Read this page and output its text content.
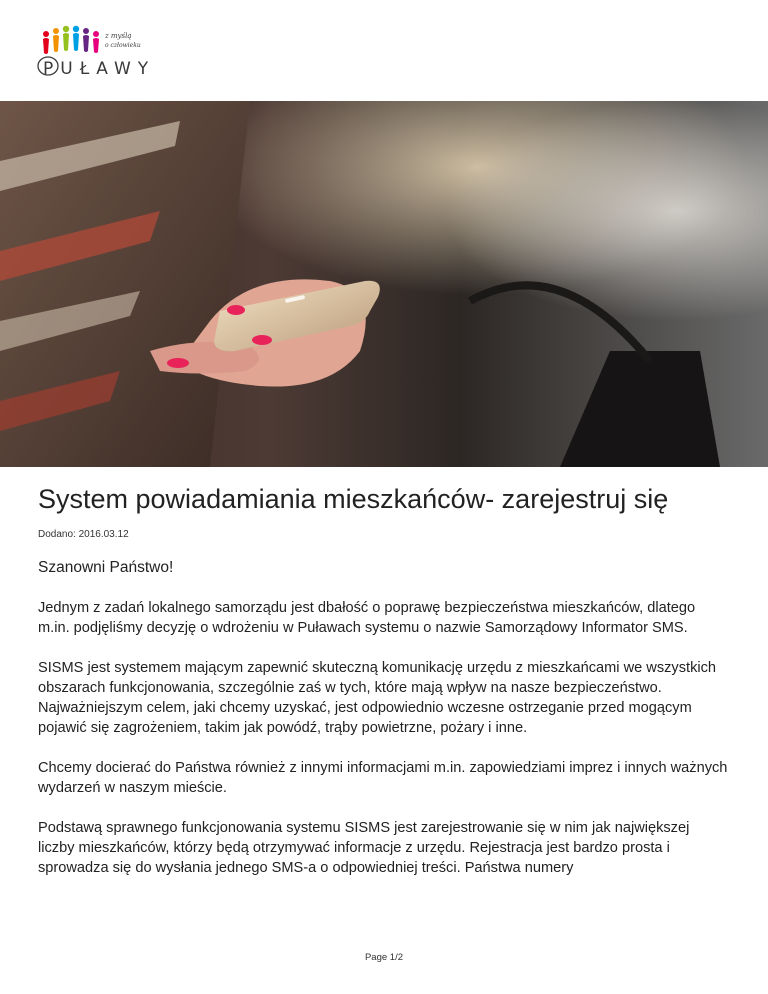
z myślą
o człowieku
PUŁAWY
System powiadamiania mieszkańców- zarejestruj się
Dodano: 2016.03.12

Szanowni Państwo!

Jednym z zadań lokalnego samorządu jest dbałość o poprawę bezpieczeństwa mieszkańców, dlatego m.in. podjęliśmy decyzję o wdrożeniu w Puławach systemu o nazwie Samorządowy Informator SMS.

SISMS jest systemem mającym zapewnić skuteczną komunikację urzędu z mieszkańcami we wszystkich obszarach funkcjonowania, szczególnie zaś w tych, które mają wpływ na nasze bezpieczeństwo. Najważniejszym celem, jaki chcemy uzyskać, jest odpowiednio wczesne ostrzeganie przed mogącym pojawić się zagrożeniem, takim jak powódź, trąby powietrzne, pożary i inne.

Chcemy docierać do Państwa również z innymi informacjami m.in. zapowiedziami imprez i innych ważnych wydarzeń w naszym mieście.

Podstawą sprawnego funkcjonowania systemu SISMS jest zarejestrowanie się w nim jak największej liczby mieszkańców, którzy będą otrzymywać informacje z urzędu. Rejestracja jest bardzo prosta i sprowadza się do wysłania jednego SMS-a o odpowiedniej treści. Państwa numery

Page 1/2
